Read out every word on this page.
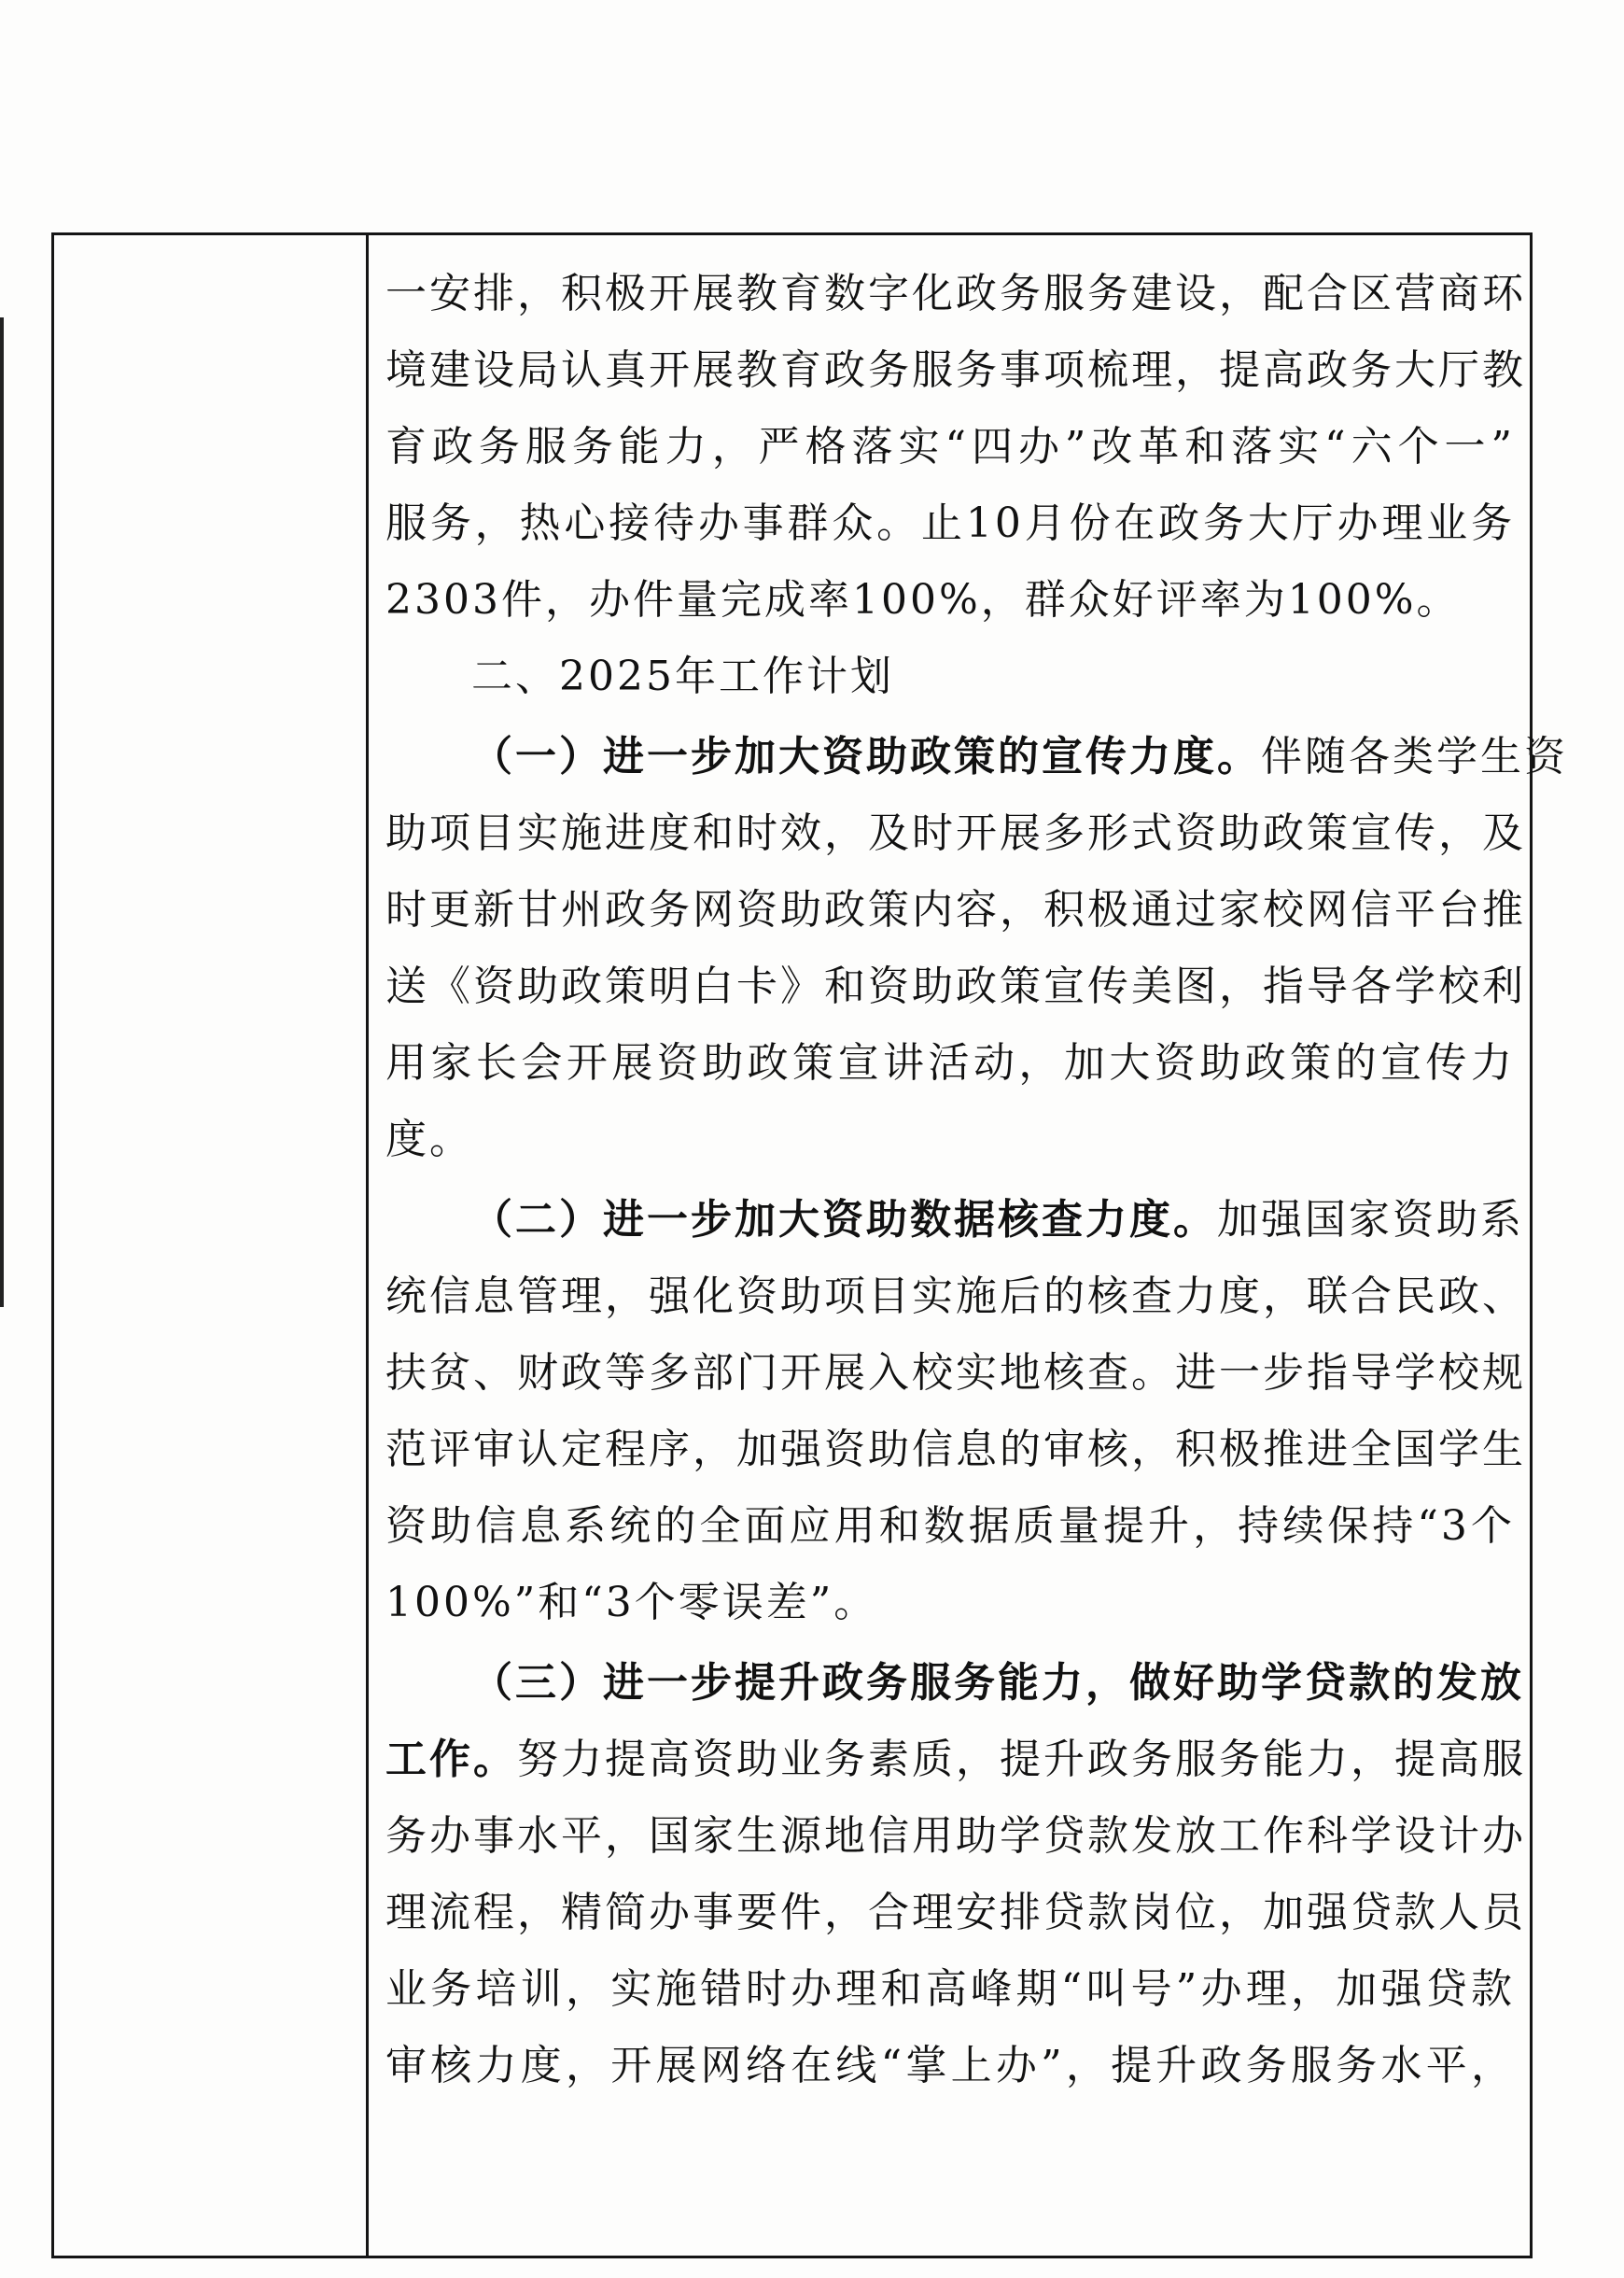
一安排，积极开展教育数字化政务服务建设，配合区营商环
境建设局认真开展教育政务服务事项梳理，提高政务大厅教
育政务服务能力，严格落实“四办”改革和落实“六个一”
服务，热心接待办事群众。止10月份在政务大厅办理业务
2303件，办件量完成率100%，群众好评率为100%。
二、2025年工作计划
（一）进一步加大资助政策的宣传力度。伴随各类学生资
助项目实施进度和时效，及时开展多形式资助政策宣传，及
时更新甘州政务网资助政策内容，积极通过家校网信平台推
送《资助政策明白卡》和资助政策宣传美图，指导各学校利
用家长会开展资助政策宣讲活动，加大资助政策的宣传力
度。
（二）进一步加大资助数据核查力度。加强国家资助系
统信息管理，强化资助项目实施后的核查力度，联合民政、
扶贫、财政等多部门开展入校实地核查。进一步指导学校规
范评审认定程序，加强资助信息的审核，积极推进全国学生
资助信息系统的全面应用和数据质量提升，持续保持“3个
100%”和“3个零误差”。
（三）进一步提升政务服务能力，做好助学贷款的发放
工作。努力提高资助业务素质，提升政务服务能力，提高服
务办事水平，国家生源地信用助学贷款发放工作科学设计办
理流程，精简办事要件，合理安排贷款岗位，加强贷款人员
业务培训，实施错时办理和高峰期“叫号”办理，加强贷款
审核力度，开展网络在线“掌上办”，提升政务服务水平，
